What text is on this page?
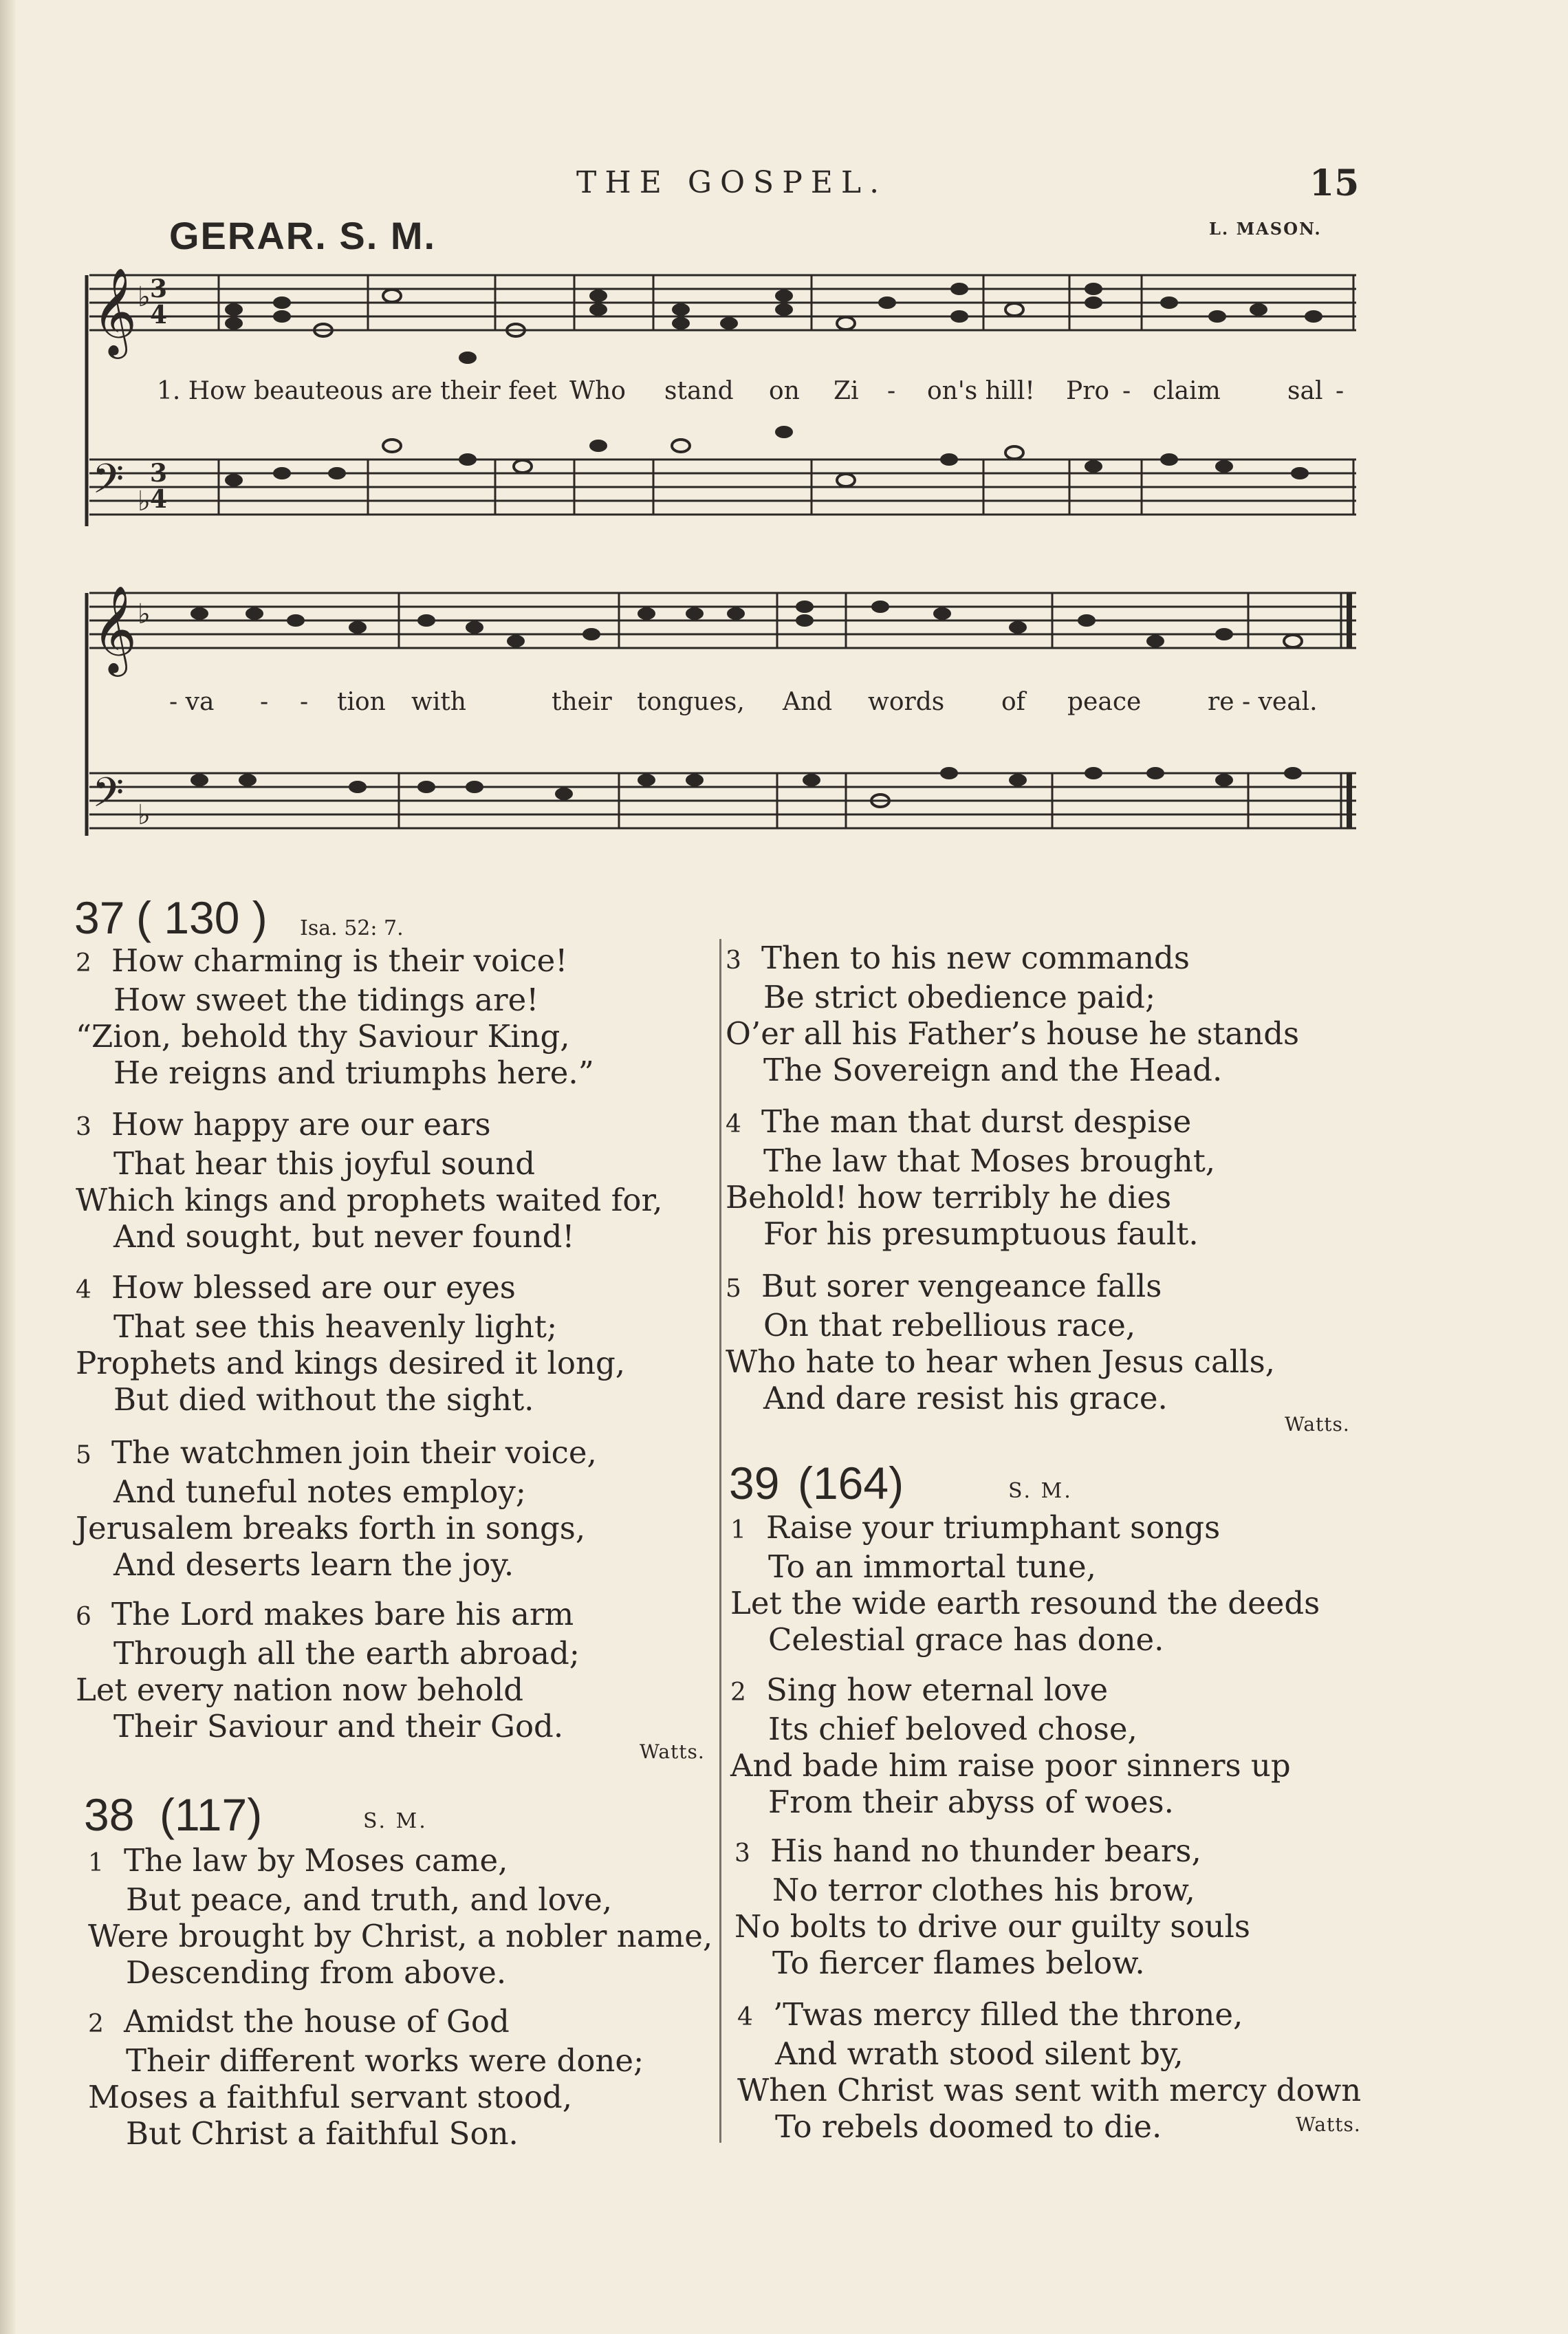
THE GOSPEL.	15
GERAR. S. M.	L. MASON.
𝄞
𝄢
3
4
3
4
♭
♭
𝄞
𝄢
♭
♭
1. How beauteous are their feet Who stand on Zi - on's hill! Pro - claim	sal -
- va - - tion with	their tongues, And words of peace	re - veal.
37 ( 130 ) Isa. 52: 7.
2 How charming is their voice!
How sweet the tidings are!
“Zion, behold thy Saviour King,
He reigns and triumphs here.”
3 How happy are our ears
That hear this joyful sound
Which kings and prophets waited for,
And sought, but never found!
4 How blessed are our eyes
That see this heavenly light;
Prophets and kings desired it long,
But died without the sight.
5 The watchmen join their voice,
And tuneful notes employ;
Jerusalem breaks forth in songs,
And deserts learn the joy.
6 The Lord makes bare his arm
Through all the earth abroad;
Let every nation now behold
Their Saviour and their God.
Watts.
38 (117)	S. M.
1 The law by Moses came,
But peace, and truth, and love,
Were brought by Christ, a nobler name,
Descending from above.
2 Amidst the house of God
Their different works were done;
Moses a faithful servant stood,
But Christ a faithful Son.
3 Then to his new commands
Be strict obedience paid;
O’er all his Father’s house he stands
The Sovereign and the Head.
4 The man that durst despise
The law that Moses brought,
Behold! how terribly he dies
For his presumptuous fault.
5 But sorer vengeance falls
On that rebellious race,
Who hate to hear when Jesus calls,
And dare resist his grace.
Watts.
39 (164)	S. M.
1 Raise your triumphant songs
To an immortal tune,
Let the wide earth resound the deeds
Celestial grace has done.
2 Sing how eternal love
Its chief beloved chose,
And bade him raise poor sinners up
From their abyss of woes.
3 His hand no thunder bears,
No terror clothes his brow,
No bolts to drive our guilty souls
To fiercer flames below.
4 ’Twas mercy filled the throne,
And wrath stood silent by,
When Christ was sent with mercy down
To rebels doomed to die.	Watts.
